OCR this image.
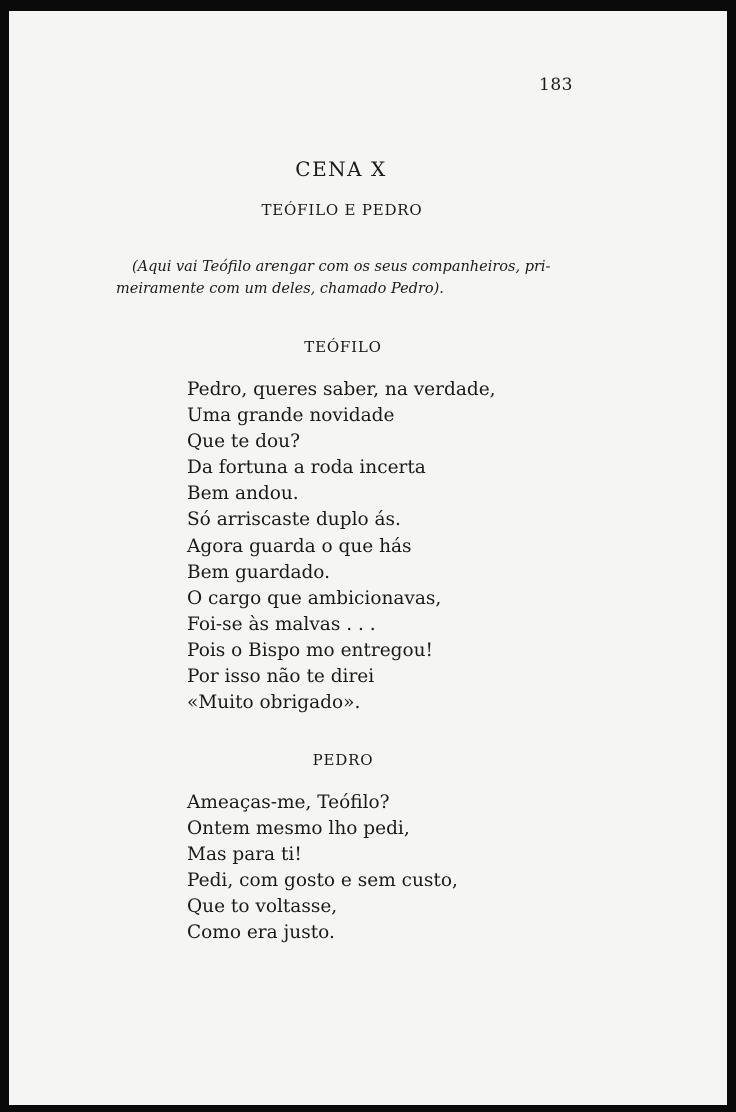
183
CENA X
TEÓFILO E PEDRO
(Aqui vai Teófilo arengar com os seus companheiros, pri-
meiramente com um deles, chamado Pedro).
TEÓFILO
Pedro, queres saber, na verdade,
Uma grande novidade
Que te dou?
Da fortuna a roda incerta
Bem andou.
Só arriscaste duplo ás.
Agora guarda o que hás
Bem guardado.
O cargo que ambicionavas,
Foi-se às malvas . . .
Pois o Bispo mo entregou!
Por isso não te direi
«Muito obrigado».
PEDRO
Ameaças-me, Teófilo?
Ontem mesmo lho pedi,
Mas para ti!
Pedi, com gosto e sem custo,
Que to voltasse,
Como era justo.
